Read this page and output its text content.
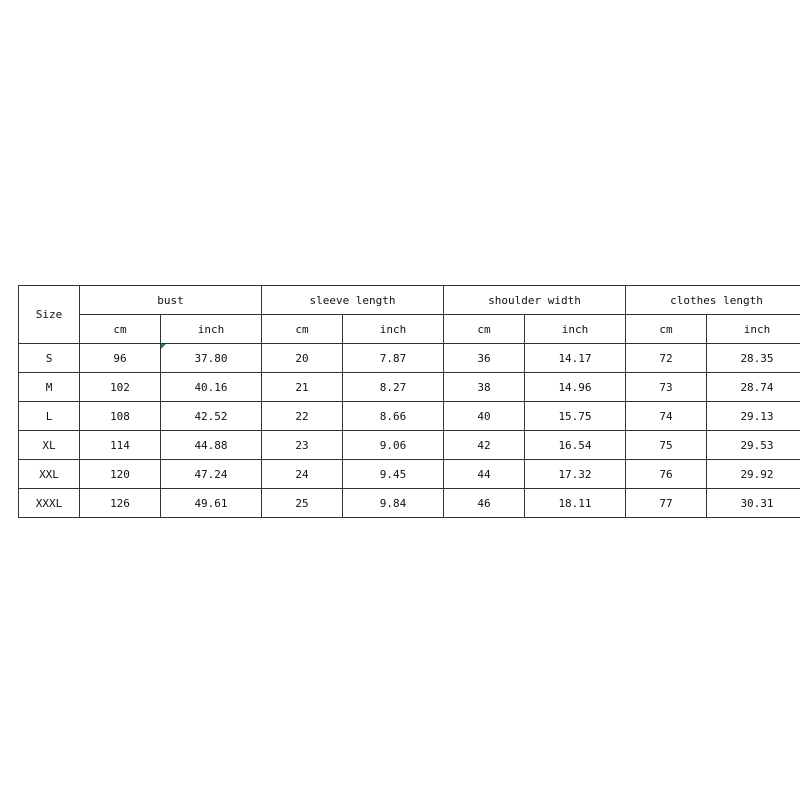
Size	bust		sleeve length		shoulder width		clothes length	
	cm	inch	cm	inch	cm	inch	cm	inch
S	96	37.80	20	7.87	36	14.17	72	28.35
M	102	40.16	21	8.27	38	14.96	73	28.74
L	108	42.52	22	8.66	40	15.75	74	29.13
XL	114	44.88	23	9.06	42	16.54	75	29.53
XXL	120	47.24	24	9.45	44	17.32	76	29.92
XXXL	126	49.61	25	9.84	46	18.11	77	30.31
